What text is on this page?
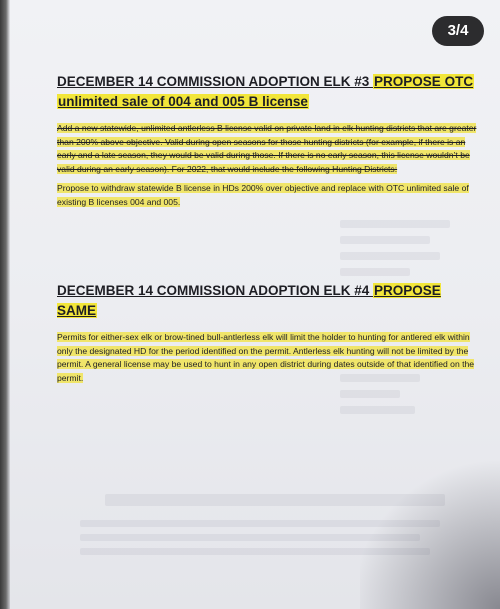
DECEMBER 14 COMMISSION ADOPTION ELK #3 PROPOSE OTC
unlimited sale of 004 and 005 B license

Add a new statewide, unlimited antlerless B license valid on private land in elk hunting districts that are greater than 200% above objective. Valid during open seasons for those hunting districts (for example, if there is an early and a late season, they would be valid during those. If there is no early season, this license wouldn’t be valid during an early season). For 2022, that would include the following Hunting Districts:

Propose to withdraw statewide B license in HDs 200% over objective and replace with OTC unlimited sale of existing B licenses 004 and 005.

DECEMBER 14 COMMISSION ADOPTION ELK #4 PROPOSE SAME

Permits for either-sex elk or brow-tined bull-antlerless elk will limit the holder to hunting for antlered elk within only the designated HD for the period identified on the permit. Antlerless elk hunting will not be limited by the permit. A general license may be used to hunt in any open district during dates outside of that identified on the permit.

3/4
